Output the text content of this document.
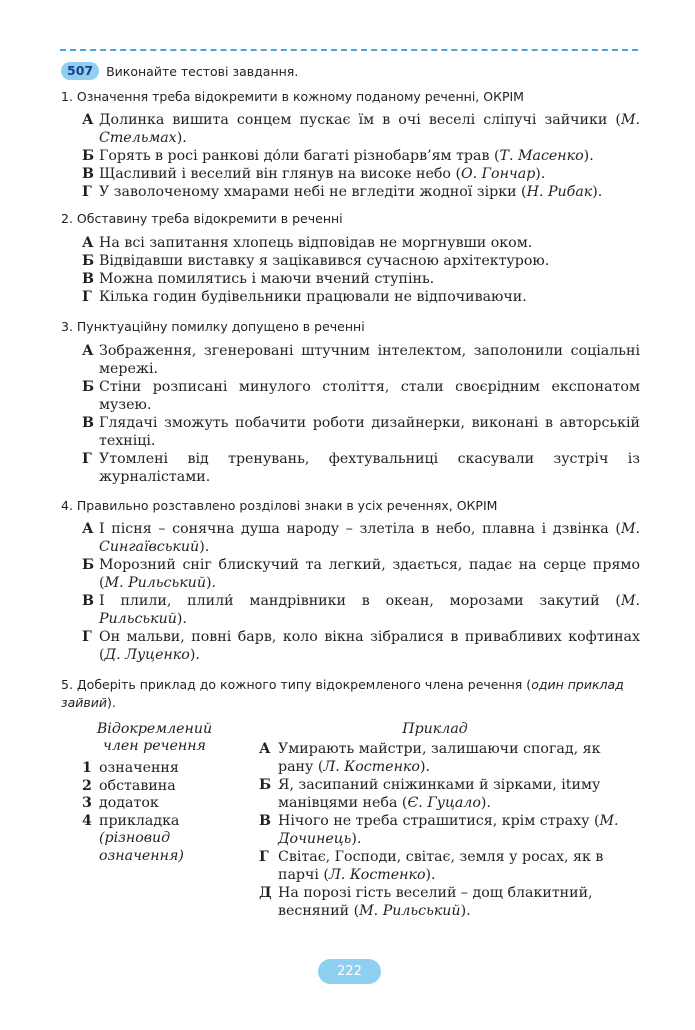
507	Виконайте тестові завдання.
1. Означення треба відокремити в кожному поданому реченні, ОКРІМ
А Долинка вишита сонцем пускає їм в очі веселі сліпучі зайчики (М. Стельмах).
Б Горять в росі ранкові до́ли багаті різнобарв’ям трав (Т. Масенко).
В Щасливий і веселий він глянув на високе небо (О. Гончар).
Г У заволоченому хмарами небі не вгледіти жодної зірки (Н. Рибак).
2. Обставину треба відокремити в реченні
А На всі запитання хлопець відповідав не моргнувши оком.
Б Відвідавши виставку я зацікавився сучасною архітектурою.
В Можна помилятись і маючи вчений ступінь.
Г Кілька годин будівельники працювали не відпочиваючи.
3. Пунктуаційну помилку допущено в реченні
А Зображення, згенеровані штучним інтелектом, заполонили соціальні мережі.
Б Стіни розписані минулого століття, стали своєрідним експонатом музею.
В Глядачі зможуть побачити роботи дизайнерки, виконані в авторській техніці.
Г Утомлені від тренувань, фехтувальниці скасували зустріч із журналістами.
4. Правильно розставлено розділові знаки в усіх реченнях, ОКРІМ
А І пісня – сонячна душа народу – злетіла в небо, плавна і дзвінка (М. Сингаївський).
Б Морозний сніг блискучий та легкий, здається, падає на серце прямо (М. Рильський).
В І плили, плили́ мандрівники в океан, морозами закутий (М. Рильський).
Г Он мальви, повні барв, коло вікна зібралися в привабливих кофтинах (Д. Луценко).
5. Доберіть приклад до кожного типу відокремленого члена речення (один приклад зайвий).
Відокремлений
член речення
Приклад
1 означення
2 обставина
3 додаток
4 прикладка
(різновид
означення)
А Умирають майстри, залишаючи спогад, як рану (Л. Костенко).
Б Я, засипаний сніжинками й зірками, itиму манівцями неба (Є. Гуцало).
В Нічого не треба страшитися, крім страху (М. Дочинець).
Г Світає, Господи, світає, земля у росах, як в парчі (Л. Костенко).
Д На порозі гість веселий – дощ блакитний, весняний (М. Рильський).
222
